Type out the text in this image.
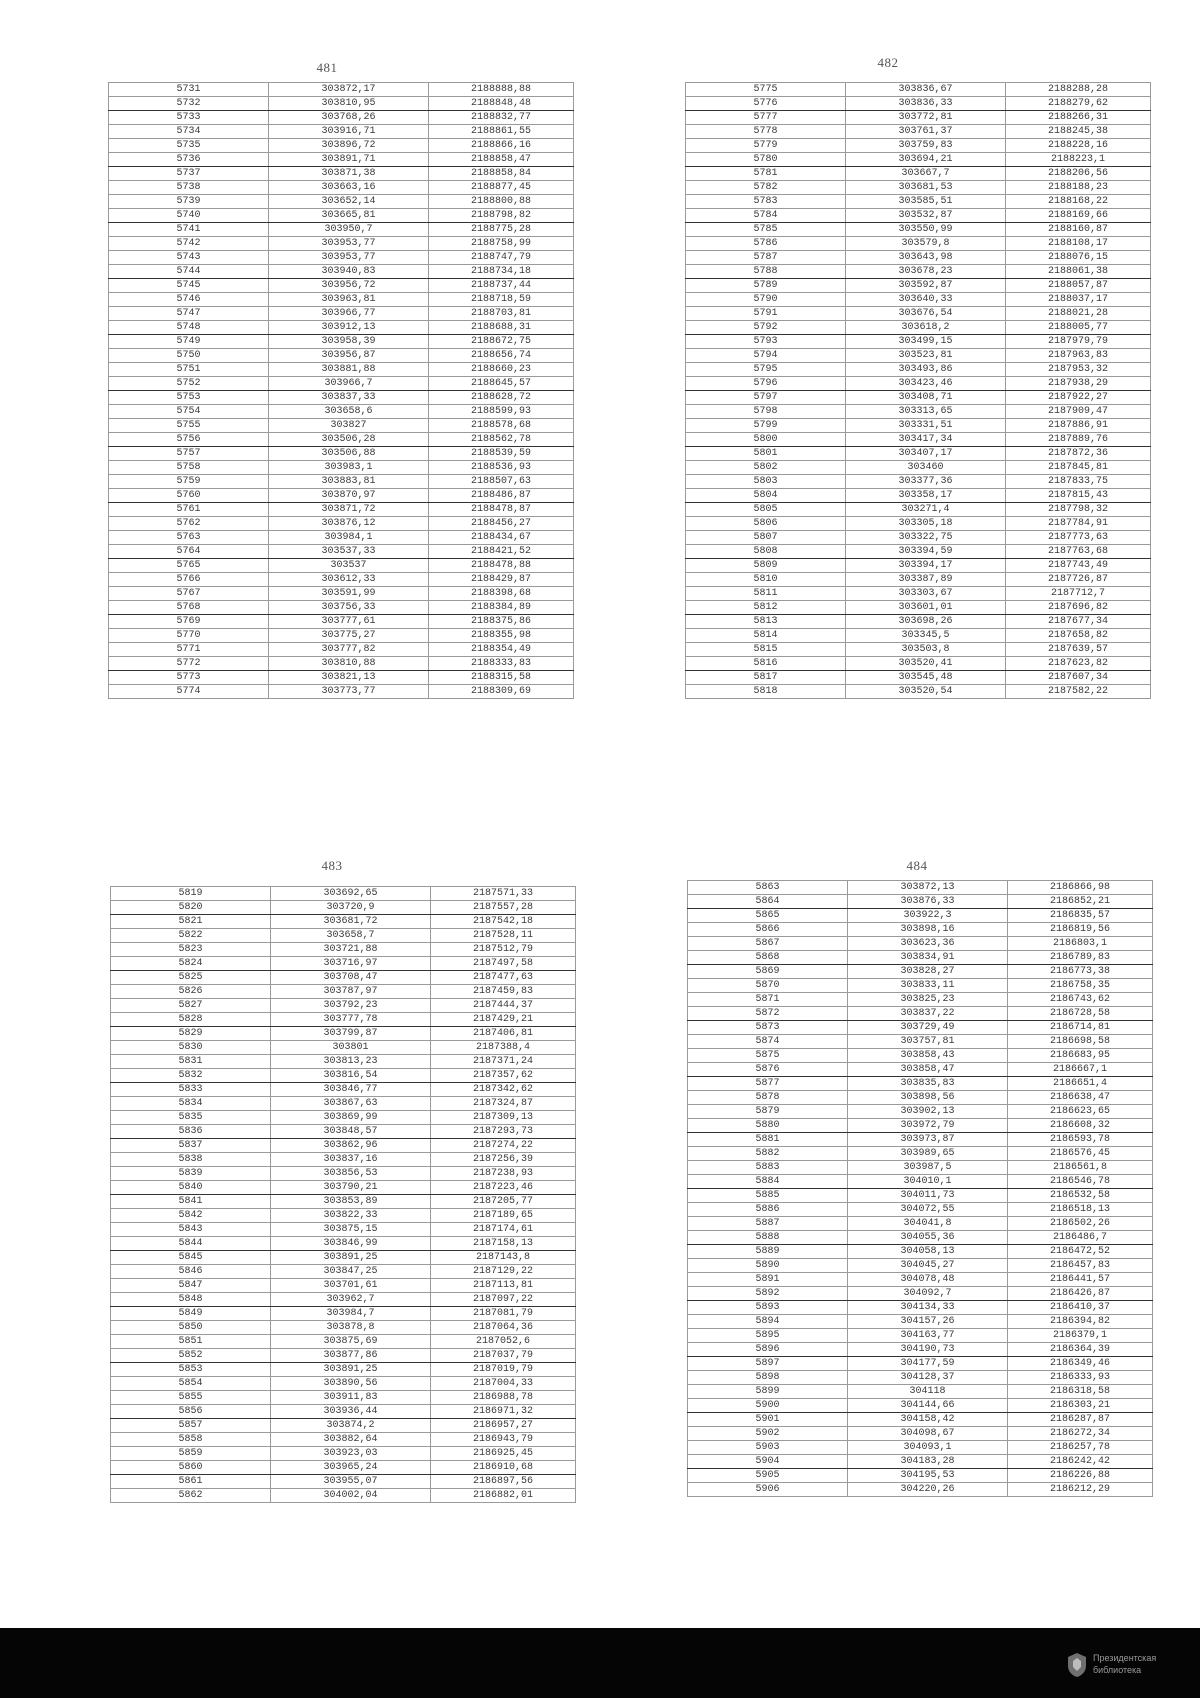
481	482
483	484
5731	303872,17	2188888,88
5732	303810,95	2188848,48
5733	303768,26	2188832,77
5734	303916,71	2188861,55
5735	303896,72	2188866,16
5736	303891,71	2188858,47
5737	303871,38	2188858,84
5738	303663,16	2188877,45
5739	303652,14	2188800,88
5740	303665,81	2188798,82
5741	303950,7	2188775,28
5742	303953,77	2188758,99
5743	303953,77	2188747,79
5744	303940,83	2188734,18
5745	303956,72	2188737,44
5746	303963,81	2188718,59
5747	303966,77	2188703,81
5748	303912,13	2188688,31
5749	303958,39	2188672,75
5750	303956,87	2188656,74
5751	303881,88	2188660,23
5752	303966,7	2188645,57
5753	303837,33	2188628,72
5754	303658,6	2188599,93
5755	303827	2188578,68
5756	303506,28	2188562,78
5757	303506,88	2188539,59
5758	303983,1	2188536,93
5759	303883,81	2188507,63
5760	303870,97	2188486,87
5761	303871,72	2188478,87
5762	303876,12	2188456,27
5763	303984,1	2188434,67
5764	303537,33	2188421,52
5765	303537	2188478,88
5766	303612,33	2188429,87
5767	303591,99	2188398,68
5768	303756,33	2188384,89
5769	303777,61	2188375,86
5770	303775,27	2188355,98
5771	303777,82	2188354,49
5772	303810,88	2188333,83
5773	303821,13	2188315,58
5774	303773,77	2188309,69
5775	303836,67	2188288,28
5776	303836,33	2188279,62
5777	303772,81	2188266,31
5778	303761,37	2188245,38
5779	303759,83	2188228,16
5780	303694,21	2188223,1
5781	303667,7	2188206,56
5782	303681,53	2188188,23
5783	303585,51	2188168,22
5784	303532,87	2188169,66
5785	303550,99	2188160,87
5786	303579,8	2188108,17
5787	303643,98	2188076,15
5788	303678,23	2188061,38
5789	303592,87	2188057,87
5790	303640,33	2188037,17
5791	303676,54	2188021,28
5792	303618,2	2188005,77
5793	303499,15	2187979,79
5794	303523,81	2187963,83
5795	303493,86	2187953,32
5796	303423,46	2187938,29
5797	303408,71	2187922,27
5798	303313,65	2187909,47
5799	303331,51	2187886,91
5800	303417,34	2187889,76
5801	303407,17	2187872,36
5802	303460	2187845,81
5803	303377,36	2187833,75
5804	303358,17	2187815,43
5805	303271,4	2187798,32
5806	303305,18	2187784,91
5807	303322,75	2187773,63
5808	303394,59	2187763,68
5809	303394,17	2187743,49
5810	303387,89	2187726,87
5811	303303,67	2187712,7
5812	303601,01	2187696,82
5813	303698,26	2187677,34
5814	303345,5	2187658,82
5815	303503,8	2187639,57
5816	303520,41	2187623,82
5817	303545,48	2187607,34
5818	303520,54	2187582,22
5819	303692,65	2187571,33
5820	303720,9	2187557,28
5821	303681,72	2187542,18
5822	303658,7	2187528,11
5823	303721,88	2187512,79
5824	303716,97	2187497,58
5825	303708,47	2187477,63
5826	303787,97	2187459,83
5827	303792,23	2187444,37
5828	303777,78	2187429,21
5829	303799,87	2187406,81
5830	303801	2187388,4
5831	303813,23	2187371,24
5832	303816,54	2187357,62
5833	303846,77	2187342,62
5834	303867,63	2187324,87
5835	303869,99	2187309,13
5836	303848,57	2187293,73
5837	303862,96	2187274,22
5838	303837,16	2187256,39
5839	303856,53	2187238,93
5840	303790,21	2187223,46
5841	303853,89	2187205,77
5842	303822,33	2187189,65
5843	303875,15	2187174,61
5844	303846,99	2187158,13
5845	303891,25	2187143,8
5846	303847,25	2187129,22
5847	303701,61	2187113,81
5848	303962,7	2187097,22
5849	303984,7	2187081,79
5850	303878,8	2187064,36
5851	303875,69	2187052,6
5852	303877,86	2187037,79
5853	303891,25	2187019,79
5854	303890,56	2187004,33
5855	303911,83	2186988,78
5856	303936,44	2186971,32
5857	303874,2	2186957,27
5858	303882,64	2186943,79
5859	303923,03	2186925,45
5860	303965,24	2186910,68
5861	303955,07	2186897,56
5862	304002,04	2186882,01
5863	303872,13	2186866,98
5864	303876,33	2186852,21
5865	303922,3	2186835,57
5866	303898,16	2186819,56
5867	303623,36	2186803,1
5868	303834,91	2186789,83
5869	303828,27	2186773,38
5870	303833,11	2186758,35
5871	303825,23	2186743,62
5872	303837,22	2186728,58
5873	303729,49	2186714,81
5874	303757,81	2186698,58
5875	303858,43	2186683,95
5876	303858,47	2186667,1
5877	303835,83	2186651,4
5878	303898,56	2186638,47
5879	303902,13	2186623,65
5880	303972,79	2186608,32
5881	303973,87	2186593,78
5882	303989,65	2186576,45
5883	303987,5	2186561,8
5884	304010,1	2186546,78
5885	304011,73	2186532,58
5886	304072,55	2186518,13
5887	304041,8	2186502,26
5888	304055,36	2186486,7
5889	304058,13	2186472,52
5890	304045,27	2186457,83
5891	304078,48	2186441,57
5892	304092,7	2186426,87
5893	304134,33	2186410,37
5894	304157,26	2186394,82
5895	304163,77	2186379,1
5896	304190,73	2186364,39
5897	304177,59	2186349,46
5898	304128,37	2186333,93
5899	304118	2186318,58
5900	304144,66	2186303,21
5901	304158,42	2186287,87
5902	304098,67	2186272,34
5903	304093,1	2186257,78
5904	304183,28	2186242,42
5905	304195,53	2186226,88
5906	304220,26	2186212,29
Президентская библиотека
